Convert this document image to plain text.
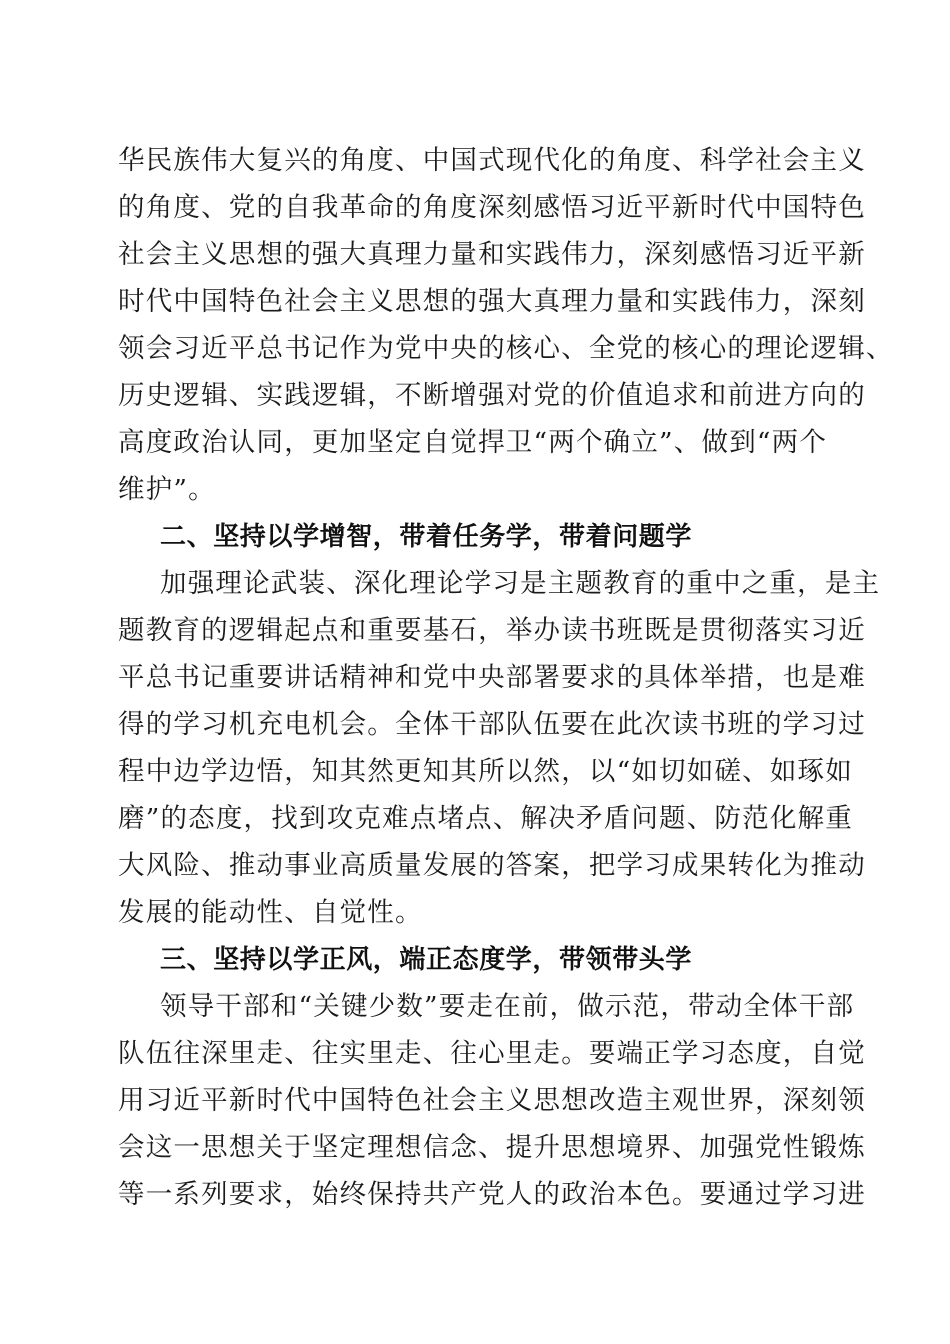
华民族伟大复兴的角度、中国式现代化的角度、科学社会主义
的角度、党的自我革命的角度深刻感悟习近平新时代中国特色
社会主义思想的强大真理力量和实践伟力，深刻感悟习近平新
时代中国特色社会主义思想的强大真理力量和实践伟力，深刻
领会习近平总书记作为党中央的核心、全党的核心的理论逻辑、
历史逻辑、实践逻辑，不断增强对党的价值追求和前进方向的
高度政治认同，更加坚定自觉捍卫“两个确立”、做到“两个
维护”。
二、坚持以学增智，带着任务学，带着问题学
加强理论武装、深化理论学习是主题教育的重中之重，是主
题教育的逻辑起点和重要基石，举办读书班既是贯彻落实习近
平总书记重要讲话精神和党中央部署要求的具体举措，也是难
得的学习机充电机会。全体干部队伍要在此次读书班的学习过
程中边学边悟，知其然更知其所以然，以“如切如磋、如琢如
磨”的态度，找到攻克难点堵点、解决矛盾问题、防范化解重
大风险、推动事业高质量发展的答案，把学习成果转化为推动
发展的能动性、自觉性。
三、坚持以学正风，端正态度学，带领带头学
领导干部和“关键少数”要走在前，做示范，带动全体干部
队伍往深里走、往实里走、往心里走。要端正学习态度，自觉
用习近平新时代中国特色社会主义思想改造主观世界，深刻领
会这一思想关于坚定理想信念、提升思想境界、加强党性锻炼
等一系列要求，始终保持共产党人的政治本色。要通过学习进
